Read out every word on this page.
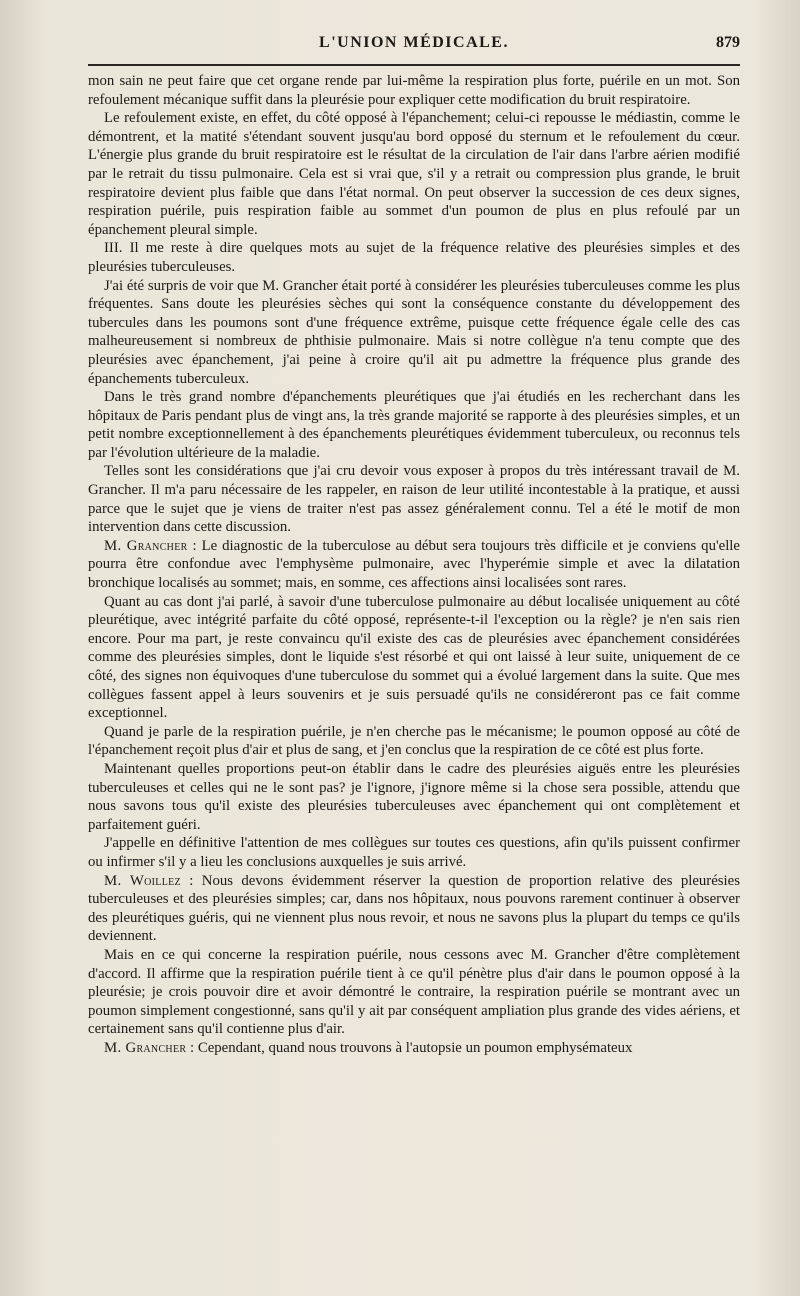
L'UNION MÉDICALE.	879

mon sain ne peut faire que cet organe rende par lui-même la respiration plus forte, puérile en un mot. Son refoulement mécanique suffit dans la pleurésie pour expliquer cette modification du bruit respiratoire.

Le refoulement existe, en effet, du côté opposé à l'épanchement; celui-ci repousse le médiastin, comme le démontrent, et la matité s'étendant souvent jusqu'au bord opposé du sternum et le refoulement du cœur. L'énergie plus grande du bruit respiratoire est le résultat de la circulation de l'air dans l'arbre aérien modifié par le retrait du tissu pulmonaire. Cela est si vrai que, s'il y a retrait ou compression plus grande, le bruit respiratoire devient plus faible que dans l'état normal. On peut observer la succession de ces deux signes, respiration puérile, puis respiration faible au sommet d'un poumon de plus en plus refoulé par un épanchement pleural simple.

III. Il me reste à dire quelques mots au sujet de la fréquence relative des pleurésies simples et des pleurésies tuberculeuses.

J'ai été surpris de voir que M. Grancher était porté à considérer les pleurésies tuberculeuses comme les plus fréquentes. Sans doute les pleurésies sèches qui sont la conséquence constante du développement des tubercules dans les poumons sont d'une fréquence extrême, puisque cette fréquence égale celle des cas malheureusement si nombreux de phthisie pulmonaire. Mais si notre collègue n'a tenu compte que des pleurésies avec épanchement, j'ai peine à croire qu'il ait pu admettre la fréquence plus grande des épanchements tuberculeux.

Dans le très grand nombre d'épanchements pleurétiques que j'ai étudiés en les recherchant dans les hôpitaux de Paris pendant plus de vingt ans, la très grande majorité se rapporte à des pleurésies simples, et un petit nombre exceptionnellement à des épanchements pleurétiques évidemment tuberculeux, ou reconnus tels par l'évolution ultérieure de la maladie.

Telles sont les considérations que j'ai cru devoir vous exposer à propos du très intéressant travail de M. Grancher. Il m'a paru nécessaire de les rappeler, en raison de leur utilité incontestable à la pratique, et aussi parce que le sujet que je viens de traiter n'est pas assez généralement connu. Tel a été le motif de mon intervention dans cette discussion.

M. Grancher : Le diagnostic de la tuberculose au début sera toujours très difficile et je conviens qu'elle pourra être confondue avec l'emphysème pulmonaire, avec l'hyperémie simple et avec la dilatation bronchique localisés au sommet; mais, en somme, ces affections ainsi localisées sont rares.

Quant au cas dont j'ai parlé, à savoir d'une tuberculose pulmonaire au début localisée uniquement au côté pleurétique, avec intégrité parfaite du côté opposé, représente-t-il l'exception ou la règle? je n'en sais rien encore. Pour ma part, je reste convaincu qu'il existe des cas de pleurésies avec épanchement considérées comme des pleurésies simples, dont le liquide s'est résorbé et qui ont laissé à leur suite, uniquement de ce côté, des signes non équivoques d'une tuberculose du sommet qui a évolué largement dans la suite. Que mes collègues fassent appel à leurs souvenirs et je suis persuadé qu'ils ne considéreront pas ce fait comme exceptionnel.

Quand je parle de la respiration puérile, je n'en cherche pas le mécanisme; le poumon opposé au côté de l'épanchement reçoit plus d'air et plus de sang, et j'en conclus que la respiration de ce côté est plus forte.

Maintenant quelles proportions peut-on établir dans le cadre des pleurésies aiguës entre les pleurésies tuberculeuses et celles qui ne le sont pas? je l'ignore, j'ignore même si la chose sera possible, attendu que nous savons tous qu'il existe des pleurésies tuberculeuses avec épanchement qui ont complètement et parfaitement guéri.

J'appelle en définitive l'attention de mes collègues sur toutes ces questions, afin qu'ils puissent confirmer ou infirmer s'il y a lieu les conclusions auxquelles je suis arrivé.

M. Woillez : Nous devons évidemment réserver la question de proportion relative des pleurésies tuberculeuses et des pleurésies simples; car, dans nos hôpitaux, nous pouvons rarement continuer à observer des pleurétiques guéris, qui ne viennent plus nous revoir, et nous ne savons plus la plupart du temps ce qu'ils deviennent.

Mais en ce qui concerne la respiration puérile, nous cessons avec M. Grancher d'être complètement d'accord. Il affirme que la respiration puérile tient à ce qu'il pénètre plus d'air dans le poumon opposé à la pleurésie; je crois pouvoir dire et avoir démontré le contraire, la respiration puérile se montrant avec un poumon simplement congestionné, sans qu'il y ait par conséquent ampliation plus grande des vides aériens, et certainement sans qu'il contienne plus d'air.

M. Grancher : Cependant, quand nous trouvons à l'autopsie un poumon emphysémateux
